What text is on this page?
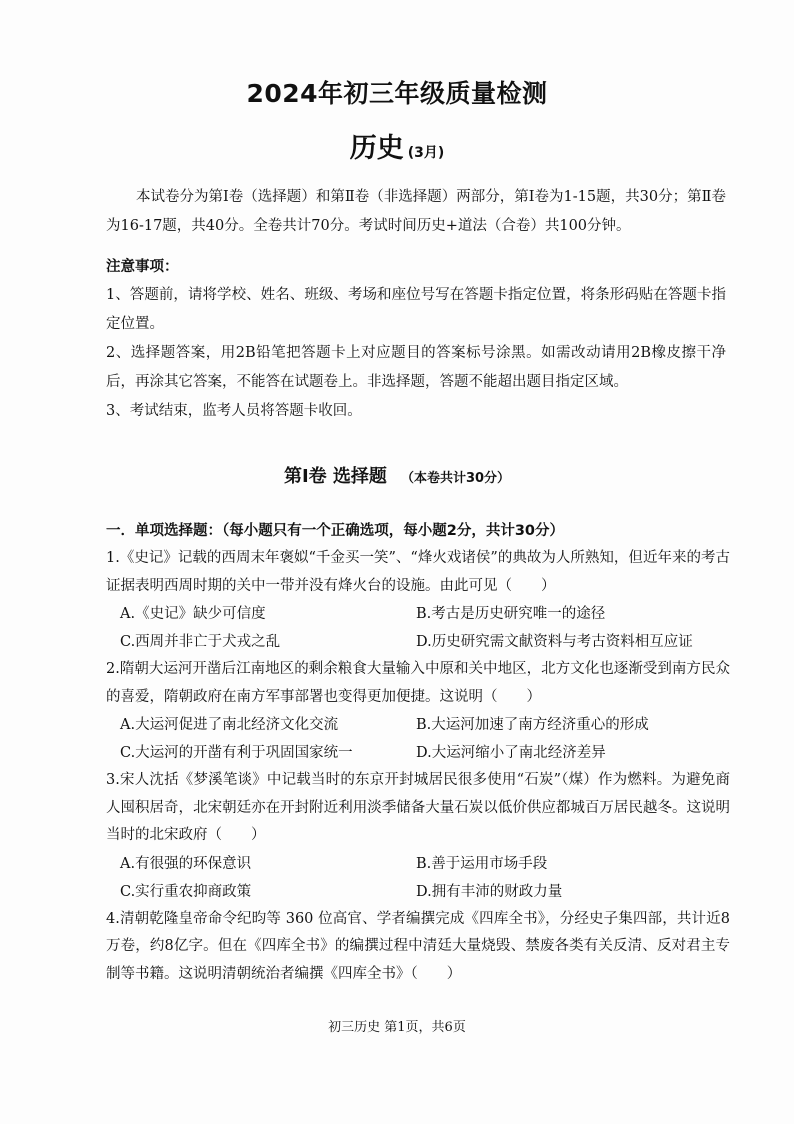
2024年初三年级质量检测
历史 (3月)

本试卷分为第Ⅰ卷（选择题）和第Ⅱ卷（非选择题）两部分，第Ⅰ卷为1-15题，共30分；第Ⅱ卷为16-17题，共40分。全卷共计70分。考试时间历史+道法（合卷）共100分钟。

注意事项：

1、答题前，请将学校、姓名、班级、考场和座位号写在答题卡指定位置，将条形码贴在答题卡指定位置。

2、选择题答案，用2B铅笔把答题卡上对应题目的答案标号涂黑。如需改动请用2B橡皮擦干净后，再涂其它答案，不能答在试题卷上。非选择题，答题不能超出题目指定区域。

3、考试结束，监考人员将答题卡收回。

第Ⅰ卷 选择题 （本卷共计30分）
一．单项选择题：（每小题只有一个正确选项，每小题2分，共计30分）

1.《史记》记载的西周末年褒姒“千金买一笑”、“烽火戏诸侯”的典故为人所熟知，但近年来的考古证据表明西周时期的关中一带并没有烽火台的设施。由此可见（　　）

A.《史记》缺少可信度	B.考古是历史研究唯一的途径
C.西周并非亡于犬戎之乱	D.历史研究需文献资料与考古资料相互应证

2.隋朝大运河开凿后江南地区的剩余粮食大量输入中原和关中地区，北方文化也逐渐受到南方民众的喜爱，隋朝政府在南方军事部署也变得更加便捷。这说明（　　）

A.大运河促进了南北经济文化交流	B.大运河加速了南方经济重心的形成
C.大运河的开凿有利于巩固国家统一	D.大运河缩小了南北经济差异

3.宋人沈括《梦溪笔谈》中记载当时的东京开封城居民很多使用“石炭”（煤）作为燃料。为避免商人囤积居奇，北宋朝廷亦在开封附近利用淡季储备大量石炭以低价供应都城百万居民越冬。这说明当时的北宋政府（　　）

A.有很强的环保意识	B.善于运用市场手段
C.实行重农抑商政策	D.拥有丰沛的财政力量

4.清朝乾隆皇帝命令纪昀等 360 位高官、学者编撰完成《四库全书》，分经史子集四部，共计近8万卷，约8亿字。但在《四库全书》的编撰过程中清廷大量烧毁、禁废各类有关反清、反对君主专制等书籍。这说明清朝统治者编撰《四库全书》（　　）

初三历史 第1页，共6页
